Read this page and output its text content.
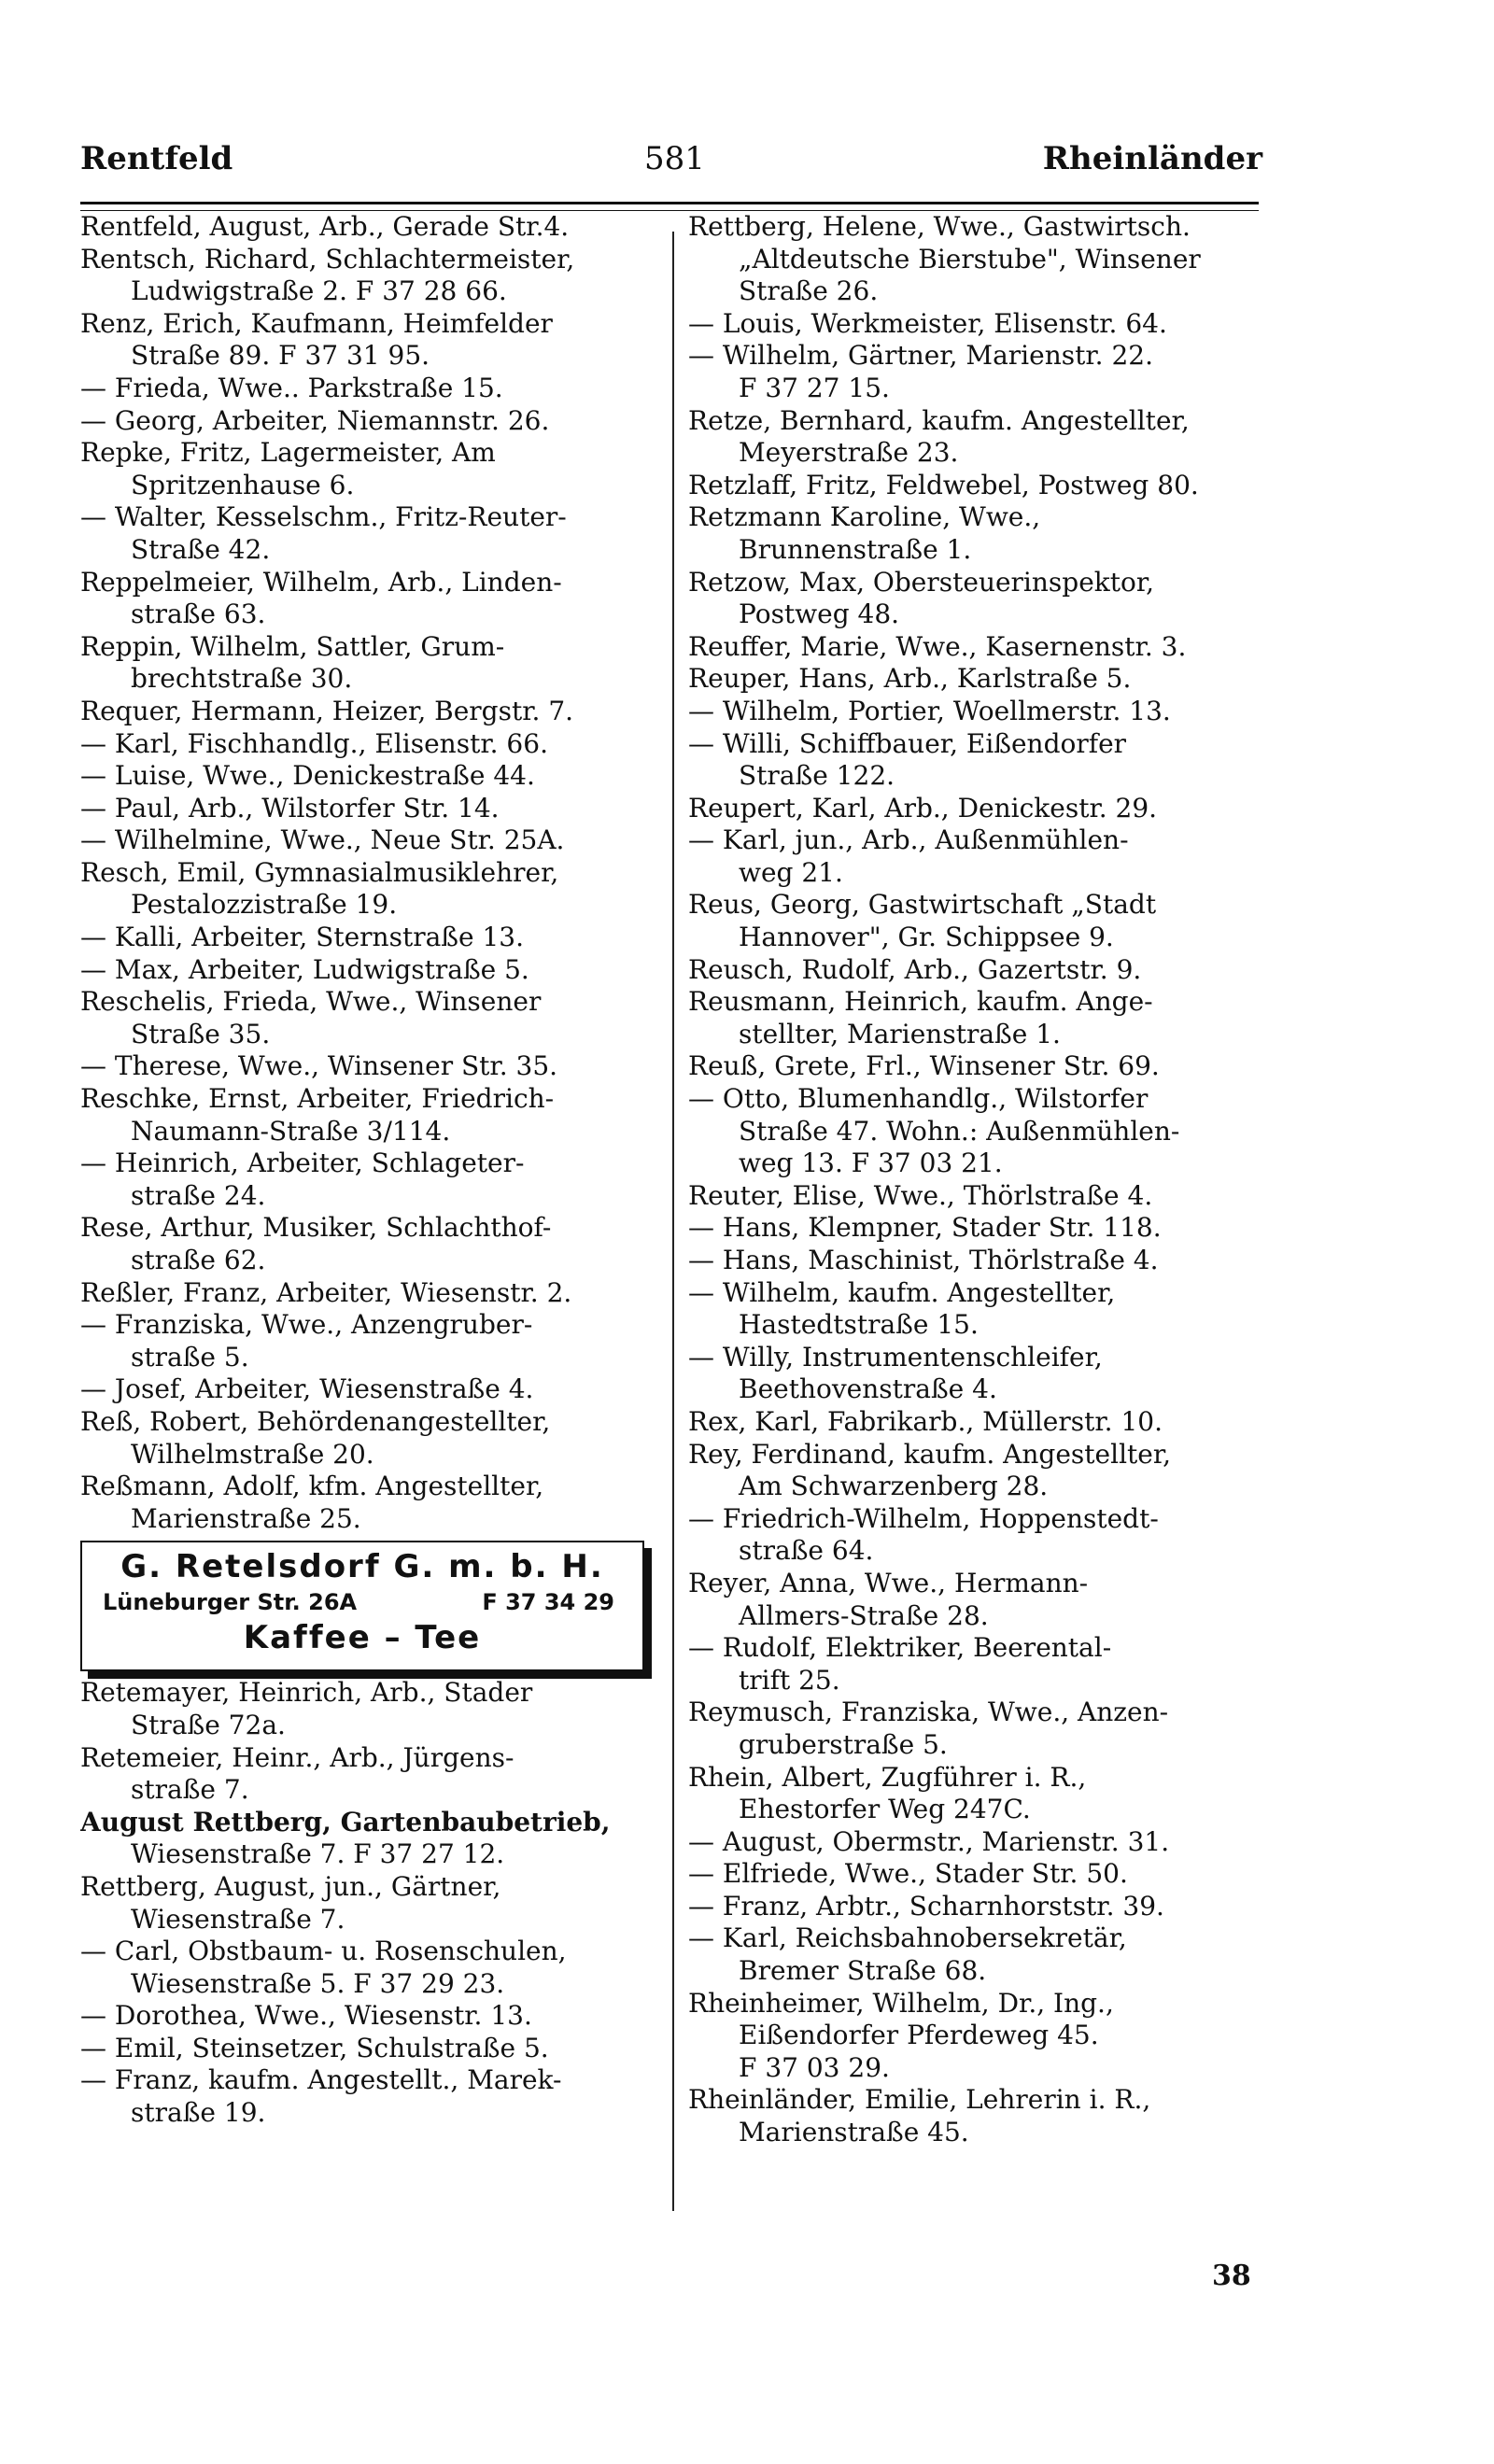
Rentfeld	581	Rheinländer
Rentfeld, August, Arb., Gerade Str.4.
Rentsch, Richard, Schlachtermeister,
Ludwigstraße 2. F 37 28 66.
Renz, Erich, Kaufmann, Heimfelder
Straße 89. F 37 31 95.
— Frieda, Wwe.. Parkstraße 15.
— Georg, Arbeiter, Niemannstr. 26.
Repke, Fritz, Lagermeister, Am
Spritzenhause 6.
— Walter, Kesselschm., Fritz-Reuter-
Straße 42.
Reppelmeier, Wilhelm, Arb., Linden-
straße 63.
Reppin, Wilhelm, Sattler, Grum-
brechtstraße 30.
Requer, Hermann, Heizer, Bergstr. 7.
— Karl, Fischhandlg., Elisenstr. 66.
— Luise, Wwe., Denickestraße 44.
— Paul, Arb., Wilstorfer Str. 14.
— Wilhelmine, Wwe., Neue Str. 25A.
Resch, Emil, Gymnasialmusiklehrer,
Pestalozzistraße 19.
— Kalli, Arbeiter, Sternstraße 13.
— Max, Arbeiter, Ludwigstraße 5.
Reschelis, Frieda, Wwe., Winsener
Straße 35.
— Therese, Wwe., Winsener Str. 35.
Reschke, Ernst, Arbeiter, Friedrich-
Naumann-Straße 3/114.
— Heinrich, Arbeiter, Schlageter-
straße 24.
Rese, Arthur, Musiker, Schlachthof-
straße 62.
Reßler, Franz, Arbeiter, Wiesenstr. 2.
— Franziska, Wwe., Anzengruber-
straße 5.
— Josef, Arbeiter, Wiesenstraße 4.
Reß, Robert, Behördenangestellter,
Wilhelmstraße 20.
Reßmann, Adolf, kfm. Angestellter,
Marienstraße 25.
G. Retelsdorf G. m. b. H.
Lüneburger Str. 26A	F 37 34 29
Kaffee – Tee
Retemayer, Heinrich, Arb., Stader
Straße 72a.
Retemeier, Heinr., Arb., Jürgens-
straße 7.
August Rettberg, Gartenbaubetrieb,
Wiesenstraße 7. F 37 27 12.
Rettberg, August, jun., Gärtner,
Wiesenstraße 7.
— Carl, Obstbaum- u. Rosenschulen,
Wiesenstraße 5. F 37 29 23.
— Dorothea, Wwe., Wiesenstr. 13.
— Emil, Steinsetzer, Schulstraße 5.
— Franz, kaufm. Angestellt., Marek-
straße 19.
Rettberg, Helene, Wwe., Gastwirtsch.
„Altdeutsche Bierstube", Winsener
Straße 26.
— Louis, Werkmeister, Elisenstr. 64.
— Wilhelm, Gärtner, Marienstr. 22.
F 37 27 15.
Retze, Bernhard, kaufm. Angestellter,
Meyerstraße 23.
Retzlaff, Fritz, Feldwebel, Postweg 80.
Retzmann Karoline, Wwe.,
Brunnenstraße 1.
Retzow, Max, Obersteuerinspektor,
Postweg 48.
Reuffer, Marie, Wwe., Kasernenstr. 3.
Reuper, Hans, Arb., Karlstraße 5.
— Wilhelm, Portier, Woellmerstr. 13.
— Willi, Schiffbauer, Eißendorfer
Straße 122.
Reupert, Karl, Arb., Denickestr. 29.
— Karl, jun., Arb., Außenmühlen-
weg 21.
Reus, Georg, Gastwirtschaft „Stadt
Hannover", Gr. Schippsee 9.
Reusch, Rudolf, Arb., Gazertstr. 9.
Reusmann, Heinrich, kaufm. Ange-
stellter, Marienstraße 1.
Reuß, Grete, Frl., Winsener Str. 69.
— Otto, Blumenhandlg., Wilstorfer
Straße 47. Wohn.: Außenmühlen-
weg 13. F 37 03 21.
Reuter, Elise, Wwe., Thörlstraße 4.
— Hans, Klempner, Stader Str. 118.
— Hans, Maschinist, Thörlstraße 4.
— Wilhelm, kaufm. Angestellter,
Hastedtstraße 15.
— Willy, Instrumentenschleifer,
Beethovenstraße 4.
Rex, Karl, Fabrikarb., Müllerstr. 10.
Rey, Ferdinand, kaufm. Angestellter,
Am Schwarzenberg 28.
— Friedrich-Wilhelm, Hoppenstedt-
straße 64.
Reyer, Anna, Wwe., Hermann-
Allmers-Straße 28.
— Rudolf, Elektriker, Beerental-
trift 25.
Reymusch, Franziska, Wwe., Anzen-
gruberstraße 5.
Rhein, Albert, Zugführer i. R.,
Ehestorfer Weg 247C.
— August, Obermstr., Marienstr. 31.
— Elfriede, Wwe., Stader Str. 50.
— Franz, Arbtr., Scharnhorststr. 39.
— Karl, Reichsbahnobersekretär,
Bremer Straße 68.
Rheinheimer, Wilhelm, Dr., Ing.,
Eißendorfer Pferdeweg 45.
F 37 03 29.
Rheinländer, Emilie, Lehrerin i. R.,
Marienstraße 45.
38
